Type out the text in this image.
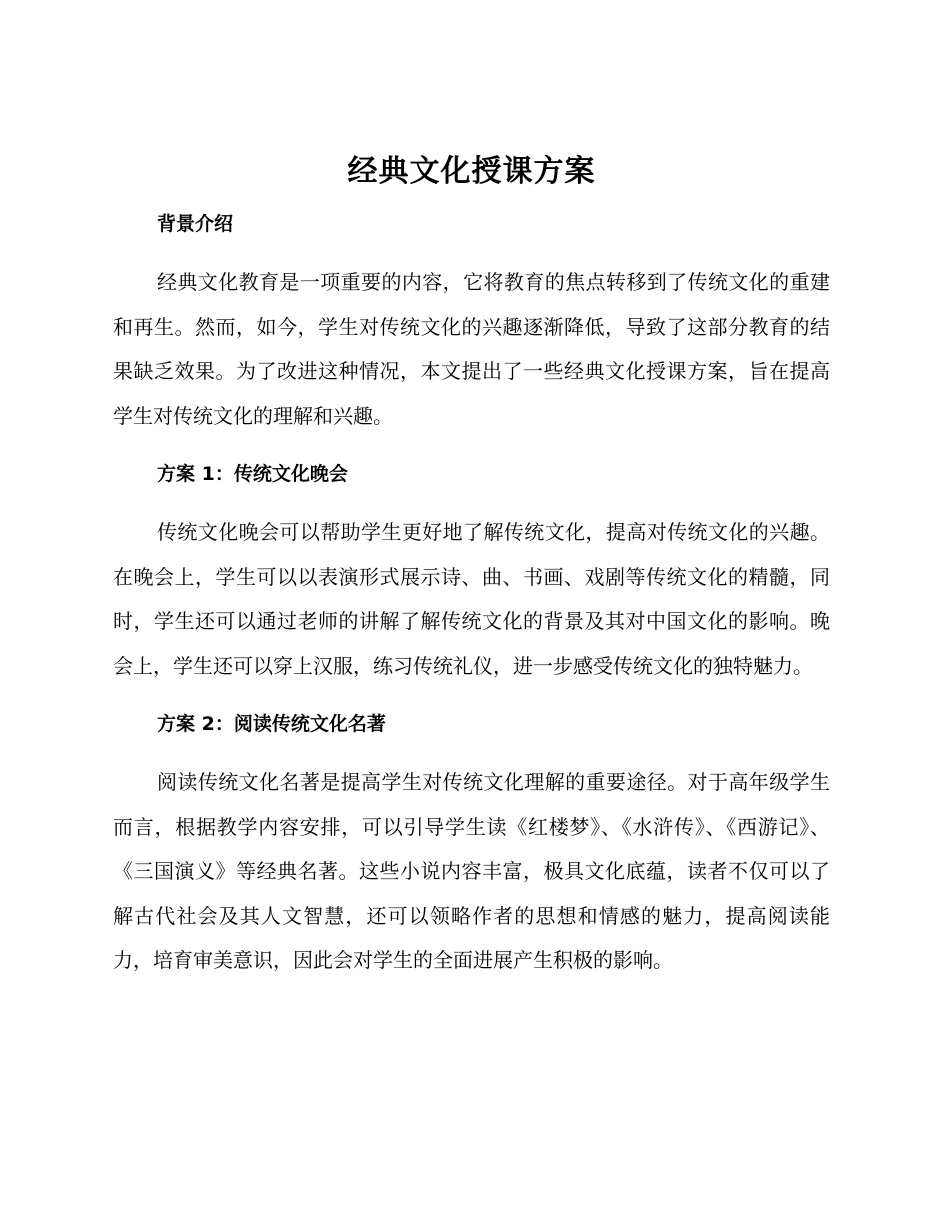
经典文化授课方案
背景介绍

经典文化教育是一项重要的内容，它将教育的焦点转移到了传统文化的重建和再生。然而，如今，学生对传统文化的兴趣逐渐降低，导致了这部分教育的结果缺乏效果。为了改进这种情况，本文提出了一些经典文化授课方案，旨在提高学生对传统文化的理解和兴趣。

方案 1：传统文化晚会

传统文化晚会可以帮助学生更好地了解传统文化，提高对传统文化的兴趣。在晚会上，学生可以以表演形式展示诗、曲、书画、戏剧等传统文化的精髓，同时，学生还可以通过老师的讲解了解传统文化的背景及其对中国文化的影响。晚会上，学生还可以穿上汉服，练习传统礼仪，进一步感受传统文化的独特魅力。

方案 2：阅读传统文化名著

阅读传统文化名著是提高学生对传统文化理解的重要途径。对于高年级学生而言，根据教学内容安排，可以引导学生读《红楼梦》、《水浒传》、《西游记》、《三国演义》等经典名著。这些小说内容丰富，极具文化底蕴，读者不仅可以了解古代社会及其人文智慧，还可以领略作者的思想和情感的魅力，提高阅读能力，培育审美意识，因此会对学生的全面进展产生积极的影响。
